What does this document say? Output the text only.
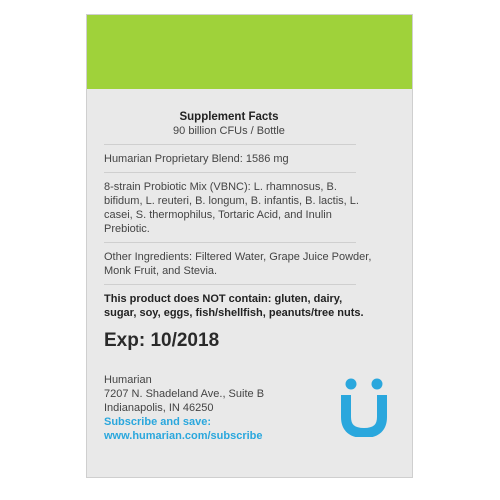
Supplement Facts
90 billion CFUs / Bottle

Humarian Proprietary Blend: 1586 mg

8-strain Probiotic Mix (VBNC): L. rhamnosus, B. bifidum, L. reuteri, B. longum, B. infantis, B. lactis, L. casei, S. thermophilus, Tortaric Acid, and Inulin Prebiotic.

Other Ingredients: Filtered Water, Grape Juice Powder, Monk Fruit, and Stevia.

This product does NOT contain: gluten, dairy, sugar, soy, eggs, fish/shellfish, peanuts/tree nuts.

Exp: 10/2018
Humarian
7207 N. Shadeland Ave., Suite B
Indianapolis, IN 46250
Subscribe and save:
www.humarian.com/subscribe
